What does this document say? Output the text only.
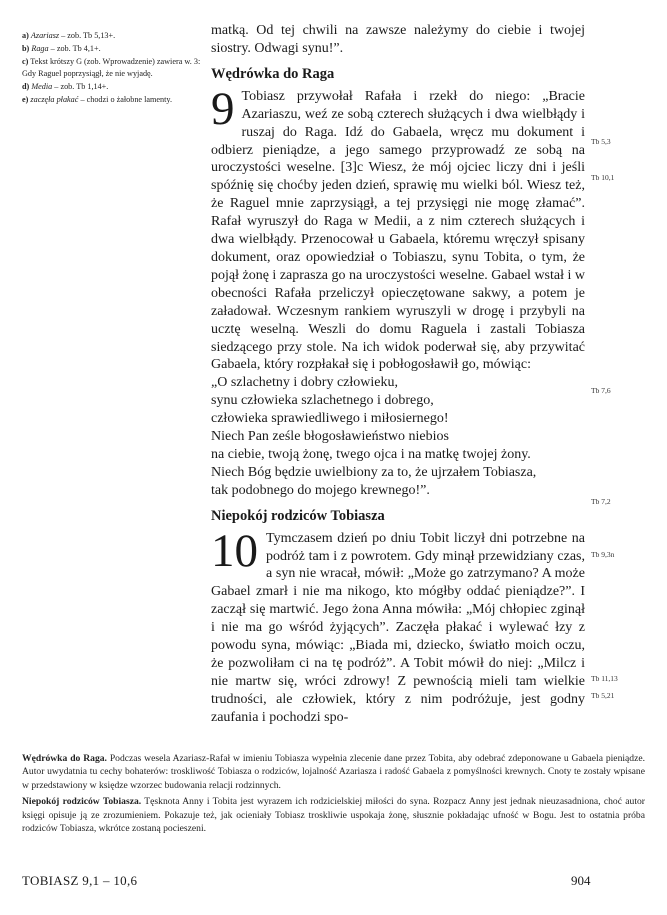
a) Azariasz – zob. Tb 5,13+.

b) Raga – zob. Tb 4,1+.

c) Tekst krótszy G (zob. Wprowadzenie) zawiera w. 3: Gdy Raguel poprzysiągł, że nie wyjadę.

d) Media – zob. Tb 1,14+.

e) zaczęła płakać – chodzi o żałobne lamenty.

matką. Od tej chwili na zawsze należymy do ciebie i twojej siostry. Odwagi synu!”.

Wędrówka do Raga

9 Tobiasz przywołał Rafała i rzekł do niego: „Bracie Azariaszu, weź ze sobą czterech służących i dwa wielbłądy i ruszaj do Raga. Idź do Gabaela, wręcz mu dokument i odbierz pieniądze, a jego samego przyprowadź ze sobą na uroczystości weselne. [3]c Wiesz, że mój ojciec liczy dni i jeśli spóźnię się choćby jeden dzień, sprawię mu wielki ból. Wiesz też, że Raguel mnie zaprzysiągł, a tej przysięgi nie mogę złamać”. Rafał wyruszył do Raga w Medii, a z nim czterech służących i dwa wielbłądy. Przenocował u Gabaela, któremu wręczył spisany dokument, oraz opowiedział o Tobiaszu, synu Tobita, o tym, że pojął żonę i zaprasza go na uroczystości weselne. Gabael wstał i w obecności Rafała przeliczył opieczętowane sakwy, a potem je załadował. Wczesnym rankiem wyruszyli w drogę i przybyli na ucztę weselną. Weszli do domu Raguela i zastali Tobiasza siedzącego przy stole. Na ich widok poderwał się, aby przywitać Gabaela, który rozpłakał się i pobłogosławił go, mówiąc:

„O szlachetny i dobry człowieku,
synu człowieka szlachetnego i dobrego,
człowieka sprawiedliwego i miłosiernego!
Niech Pan ześle błogosławieństwo niebios
na ciebie, twoją żonę, twego ojca i na matkę twojej żony.
Niech Bóg będzie uwielbiony za to, że ujrzałem Tobiasza,
tak podobnego do mojego krewnego!”.
Niepokój rodziców Tobiasza

10 Tymczasem dzień po dniu Tobit liczył dni potrzebne na podróż tam i z powrotem. Gdy minął przewidziany czas, a syn nie wracał, mówił: „Może go zatrzymano? A może Gabael zmarł i nie ma nikogo, kto mógłby oddać pieniądze?”. I zaczął się martwić. Jego żona Anna mówiła: „Mój chłopiec zginął i nie ma go wśród żyjących”. Zaczęła płakać i wylewać łzy z powodu syna, mówiąc: „Biada mi, dziecko, światło moich oczu, że pozwoliłam ci na tę podróż”. A Tobit mówił do niej: „Milcz i nie martw się, wróci zdrowy! Z pewnością mieli tam wielkie trudności, ale człowiek, który z nim podróżuje, jest godny zaufania i pochodzi spo-

Tb 5,3
Tb 10,1
Tb 7,6
Tb 7,2
Tb 9,3n
Tb 11,13
Tb 5,21

Wędrówka do Raga. Podczas wesela Azariasz-Rafał w imieniu Tobiasza wypełnia zlecenie dane przez Tobita, aby odebrać zdeponowane u Gabaela pieniądze. Autor uwydatnia tu cechy bohaterów: troskliwość Tobiasza o rodziców, lojalność Azariasza i radość Gabaela z pomyślności krewnych. Cnoty te zostały wpisane w przedstawiony w księdze wzorzec budowania relacji rodzinnych.

Niepokój rodziców Tobiasza. Tęsknota Anny i Tobita jest wyrazem ich rodzicielskiej miłości do syna. Rozpacz Anny jest jednak nieuzasadniona, choć autor księgi opisuje ją ze zrozumieniem. Pokazuje też, jak ocieniały Tobiasz troskliwie uspokaja żonę, słusznie pokładając ufność w Bogu. Jest to ostatnia próba rodziców Tobiasza, wkrótce zostaną pocieszeni.

TOBIASZ 9,1 – 10,6	904
